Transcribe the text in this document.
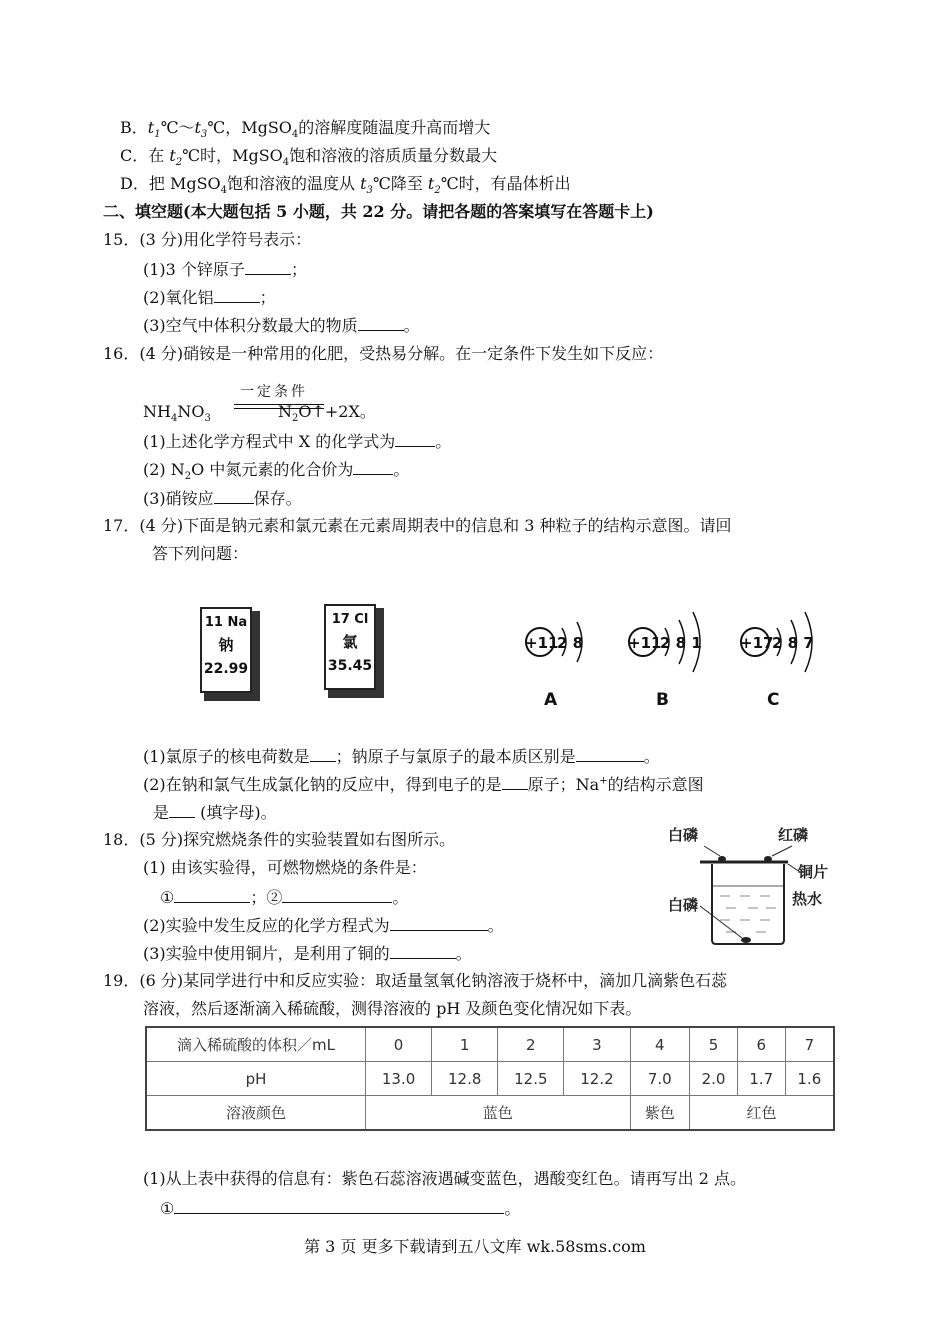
B．$t_1℃\sim t_3℃$，MgSO$_4$的溶解度随温度升高而增大
C．在 $t_2℃$时，MgSO$_4$饱和溶液的溶质质量分数最大
D．把 MgSO$_4$饱和溶液的温度从 $t_3℃$降至 $t_2℃$时，有晶体析出
二、填空题(本大题包括 5 小题，共 22 分。请把各题的答案填写在答题卡上)
15．(3 分)用化学符号表示：
(1)3 个锌原子	；
(2)氧化铝	；
(3)空气中体积分数最大的物质	。
16．(4 分)硝铵是一种常用的化肥，受热易分解。在一定条件下发生如下反应：
一定条件
$NH_4NO_3$	$N_2O↑+2X$。
(1)上述化学方程式中 X 的化学式为	。
(2) $N_2O$ 中氮元素的化合价为	。
(3)硝铵应	保存。
17．(4 分)下面是钠元素和氯元素在元素周期表中的信息和 3 种粒子的结构示意图。请回
答下列问题：
11 Na
钠
22.99
17 Cl
氯
35.45
+11
2 8	+11
2 8 1	+17
2 8 7
A	B	C
(1)氯原子的核电荷数是 ；钠原子与氯原子的最本质区别是	。
(2)在钠和氯气生成氯化钠的反应中，得到电子的是 原子；Na+的结构示意图
是 (填字母)。
18．(5 分)探究燃烧条件的实验装置如右图所示。
(1) 由该实验得，可燃物燃烧的条件是：
①	；②	。
(2)实验中发生反应的化学方程式为	。
(3)实验中使用铜片，是利用了铜的	。
白磷	红磷
铜片
白磷	热水
19．(6 分)某同学进行中和反应实验：取适量氢氧化钠溶液于烧杯中，滴加几滴紫色石蕊
溶液，然后逐渐滴入稀硫酸，测得溶液的 pH 及颜色变化情况如下表。
滴入稀硫酸的体积／mL	0	1	2	3	4	5	6	7
pH	13.0	12.8	12.5	12.2	7.0	2.0	1.7	1.6
溶液颜色	蓝色				紫色	红色		
(1)从上表中获得的信息有：紫色石蕊溶液遇碱变蓝色，遇酸变红色。请再写出 2 点。
①	。
第 3 页 更多下载请到五八文库 wk.58sms.com
